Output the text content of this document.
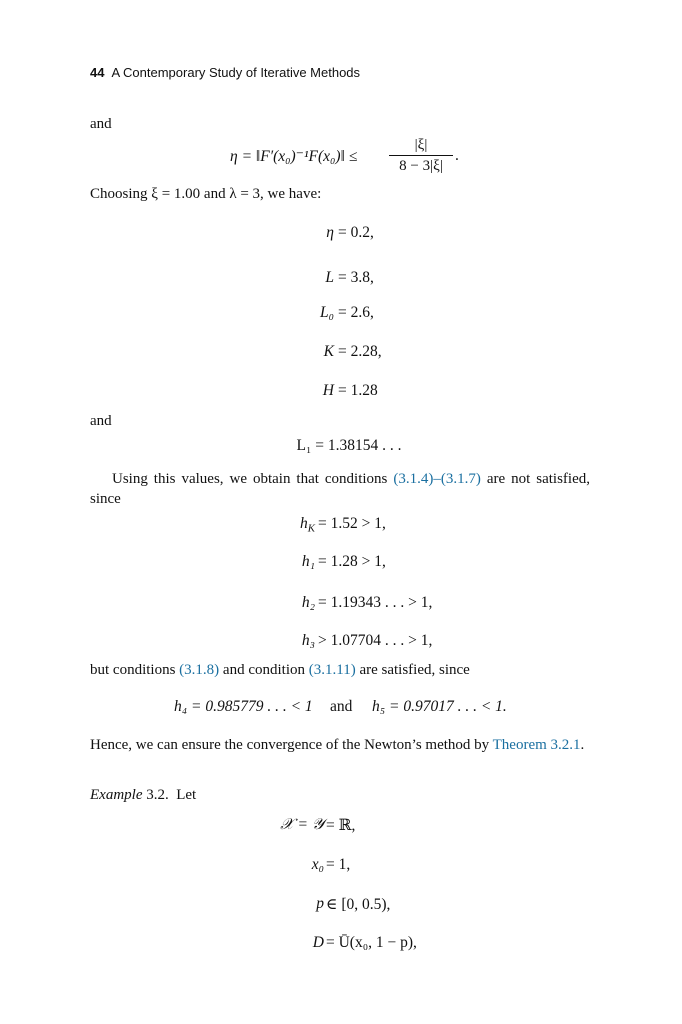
44 A Contemporary Study of Iterative Methods
and
η = ‖F′(x₀)⁻¹F(x₀)‖ ≤ $\frac{|\xi|}{8 - 3|\xi|}$ .
Choosing ξ = 1.00 and λ = 3, we have:
η = 0.2,
L = 3.8,
L₀ = 2.6,
K = 2.28,
H = 1.28
and
L₁ = 1.38154 . . .
Using this values, we obtain that conditions (3.1.4)–(3.1.7) are not satisfied, since
$h_K = 1.52 > 1$,
h₁ = 1.28 > 1,
h₂ = 1.19343 . . . > 1,
h₃ > 1.07704 . . . > 1,
but conditions (3.1.8) and condition (3.1.11) are satisfied, since
h₄ = 0.985779 . . . < 1 and h₅ = 0.97017 . . . < 1.
Hence, we can ensure the convergence of the Newton’s method by Theorem 3.2.1.
Example 3.2. Let
𝒳 = 𝒴 = ℝ,
x₀ = 1,
p ∈ [0, 0.5),
D = Ū(x₀, 1 − p),
